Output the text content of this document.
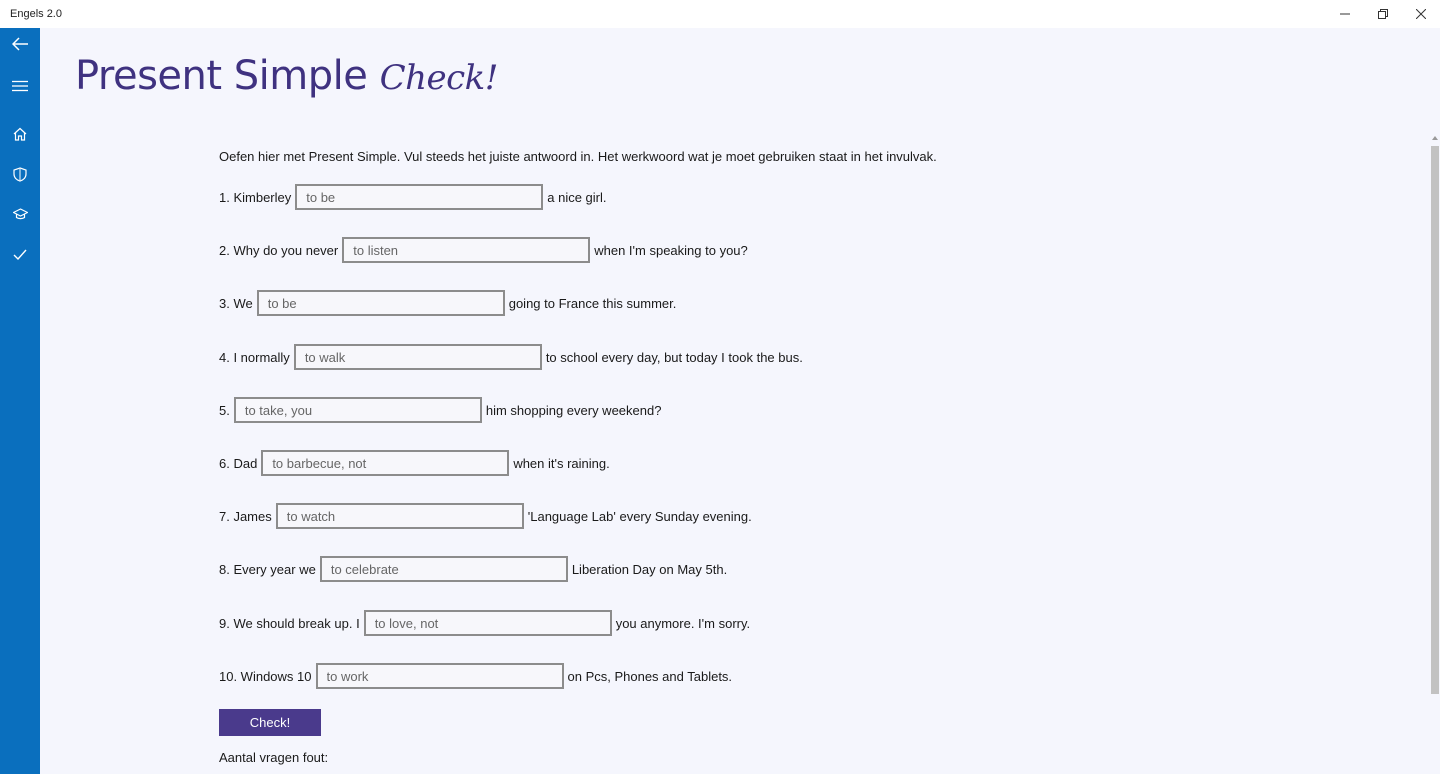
Engels 2.0
Present Simple Check!

Oefen hier met Present Simple. Vul steeds het juiste antwoord in. Het werkwoord wat je moet gebruiken staat in het invulvak.

1. Kimberley
to be	a nice girl.
2. Why do you never
to listen	when I'm speaking to you?
3. We
to be	going to France this summer.
4. I normally
to walk	to school every day, but today I took the bus.
5.
to take, you	him shopping every weekend?
6. Dad
to barbecue, not	when it's raining.
7. James
to watch	'Language Lab' every Sunday evening.
8. Every year we
to celebrate	Liberation Day on May 5th.
9. We should break up. I
to love, not	you anymore. I'm sorry.
10. Windows 10
to work	on Pcs, Phones and Tablets.
Check!
Aantal vragen fout:
